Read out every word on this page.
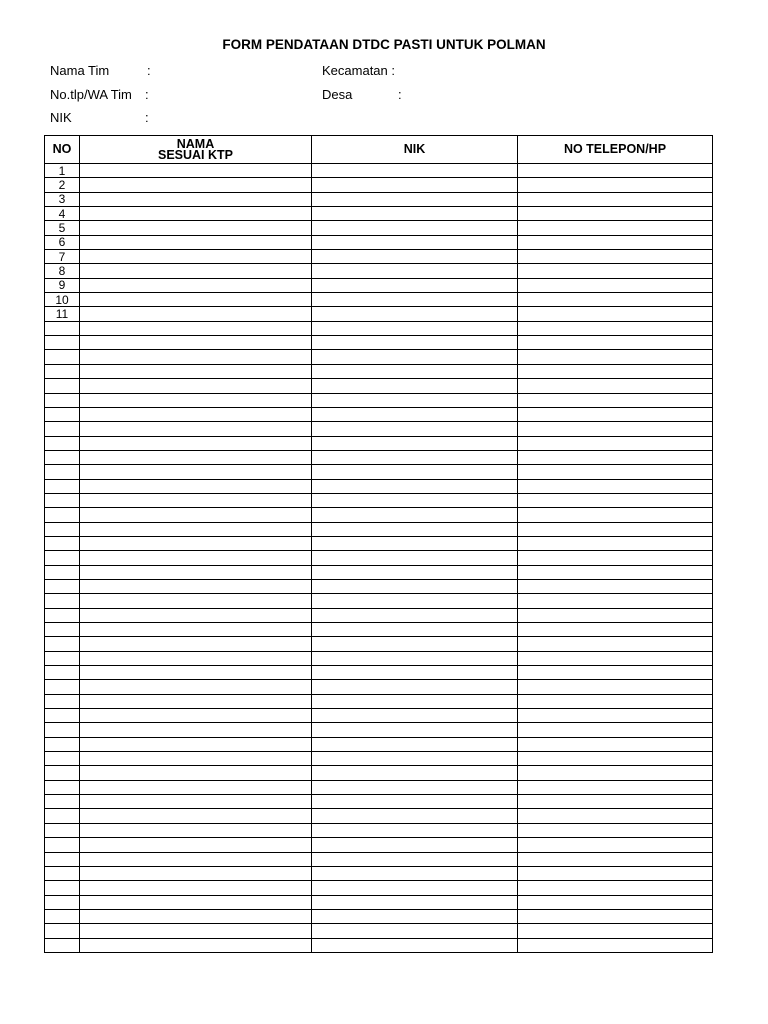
FORM PENDATAAN DTDC PASTI UNTUK POLMAN
Nama Tim	:
No.tlp/WA Tim :
NIK	:
Kecamatan :
Desa	:
NO	NAMA
SESUAI KTP	NIK	NO TELEPON/HP
1			
2			
3			
4			
5			
6			
7			
8			
9			
10			
11			
